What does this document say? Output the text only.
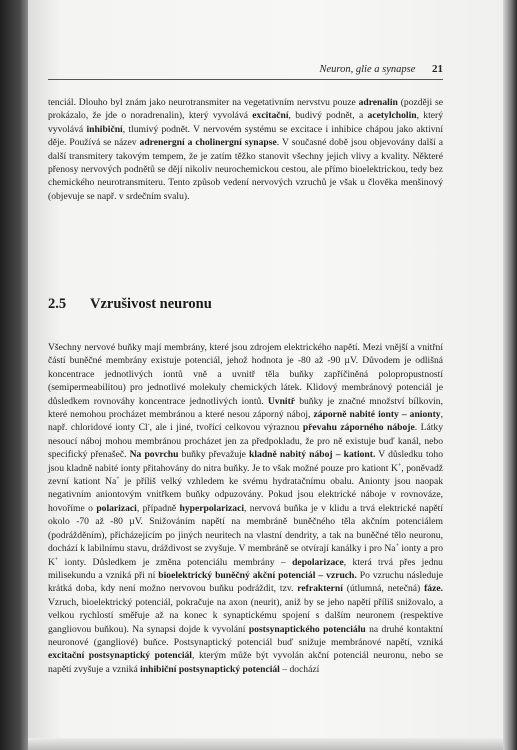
Neuron, glie a synapse 21
tenciál. Dlouho byl znám jako neurotransmiter na vegetativním nervstvu pouze adrenalin (později se prokázalo, že jde o noradrenalin), který vyvolává excitační, budivý podnět, a acetylcholin, který vyvolává inhibiční, tlumivý podnět. V nervovém systému se excitace i inhibice chápou jako aktivní děje. Používá se název adrenergní a cholinergní synapse. V současné době jsou objevovány další a další transmitery takovým tempem, že je zatím těžko stanovit všechny jejich vlivy a kvality. Některé přenosy nervových podnětů se dějí nikoliv neurochemickou cestou, ale přímo bioelektrickou, tedy bez chemického neurotransmiteru. Tento způsob vedení nervových vzruchů je však u člověka menšinový (objevuje se např. v srdečním svalu).
2.5 Vzrušivost neuronu
Všechny nervové buňky mají membrány, které jsou zdrojem elektrického napětí. Mezi vnější a vnitřní částí buněčné membrány existuje potenciál, jehož hodnota je -80 až -90 µV. Důvodem je odlišná koncentrace jednotlivých iontů vně a uvnitř těla buňky zapříčiněná polopropustností (semipermeabilitou) pro jednotlivé molekuly chemických látek. Klidový membránový potenciál je důsledkem rovnováhy koncentrace jednotlivých iontů. Uvnitř buňky je značné množství bílkovin, které nemohou procházet membránou a které nesou záporný náboj, záporně nabité ionty – anionty, např. chloridové ionty Cl-, ale i jiné, tvořící celkovou výraznou převahu záporného náboje. Látky nesoucí náboj mohou membránou procházet jen za předpokladu, že pro ně existuje buď kanál, nebo specifický přenašeč. Na povrchu buňky převažuje kladně nabitý náboj – kationt. V důsledku toho jsou kladně nabité ionty přitahovány do nitra buňky. Je to však možné pouze pro kationt K+, poněvadž zevní kationt Na+ je příliš velký vzhledem ke svému hydratačnímu obalu. Anionty jsou naopak negativním aniontovým vnitřkem buňky odpuzovány. Pokud jsou elektrické náboje v rovnováze, hovoříme o polarizaci, případně hyperpolarizaci, nervová buňka je v klidu a trvá elektrické napětí okolo -70 až -80 µV. Snižováním napětí na membráně buněčného těla akčním potenciálem (podrážděním), přicházejícím po jiných neuritech na vlastní dendrity, a tak na buněčné tělo neuronu, dochází k labilnímu stavu, dráždivost se zvyšuje. V membráně se otvírají kanálky i pro Na+ ionty a pro K+ ionty. Důsledkem je změna potenciálu membrány – depolarizace, která trvá přes jednu milisekundu a vzniká při ní bioelektrický buněčný akční potenciál – vzruch. Po vzruchu následuje krátká doba, kdy není možno nervovou buňku podráždit, tzv. refrakterní (útlumná, netečná) fáze. Vzruch, bioelektrický potenciál, pokračuje na axon (neurit), aniž by se jeho napětí příliš snižovalo, a velkou rychlostí směřuje až na konec k synaptickému spojení s dalším neuronem (respektive gangliovou buňkou). Na synapsi dojde k vyvolání postsynaptického potenciálu na druhé kontaktní neuronové (gangliové) buňce. Postsynaptický potenciál buď snižuje membránové napětí, vzniká excitační postsynaptický potenciál, kterým může být vyvolán akční potenciál neuronu, nebo se napětí zvyšuje a vzniká inhibiční postsynaptický potenciál – dochází
